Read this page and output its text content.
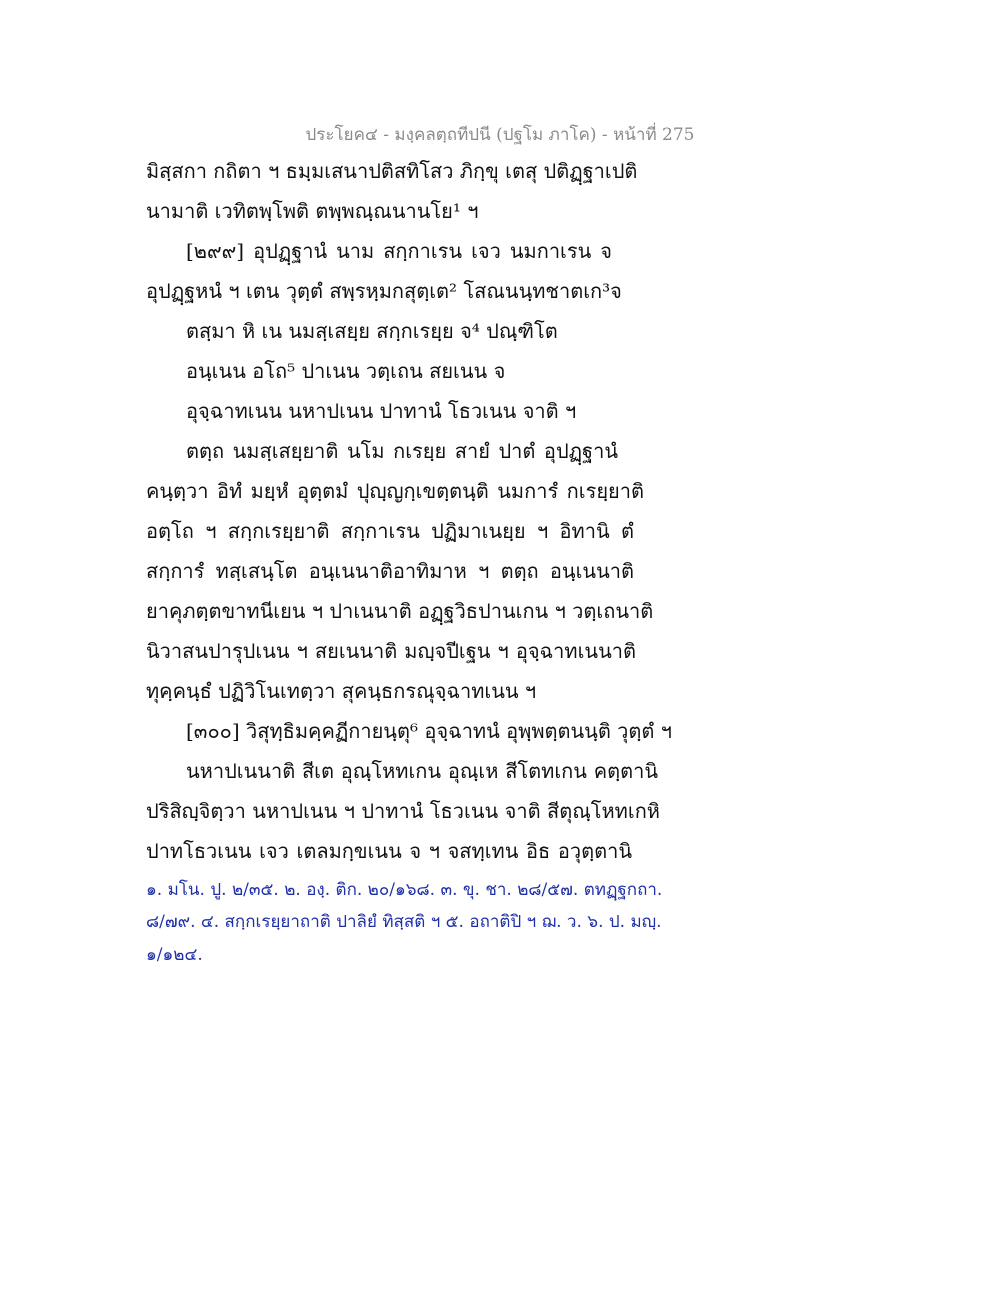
ประโยค๔ - มงฺคลตฺถทีปนี (ปฐโม ภาโค) - หน้าที่ 275
มิสฺสกา กถิตา ฯ ธมฺมเสนาปติสทิโสว ภิกฺขุ เตสุ ปติฏฺฐาเปติ
นามาติ เวทิตพฺโพติ ตพฺพณฺณนานโย¹ ฯ
[๒๙๙] อุปฏฺฐานํ นาม สกฺกาเรน เจว นมกาเรน จ
อุปฏฺฐหนํ ฯ เตน วุตฺตํ สพฺรหฺมกสุตฺเต² โสณนนฺทชาตเก³จ
ตสฺมา หิ เน นมสฺเสยฺย สกฺกเรยฺย จ⁴ ปณฺฑิโต
อนฺเนน อโถ⁵ ปาเนน วตฺเถน สยเนน จ
อุจฺฉาทเนน นหาปเนน ปาทานํ โธวเนน จาติ ฯ
ตตฺถ นมสฺเสยฺยาติ นโม กเรยฺย สายํ ปาตํ อุปฏฺฐานํ
คนฺตฺวา อิทํ มยฺหํ อุตฺตมํ ปุญฺญกฺเขตฺตนฺติ นมการํ กเรยฺยาติ
อตฺโถ ฯ สกฺกเรยฺยาติ สกฺกาเรน ปฏิมาเนยฺย ฯ อิทานิ ตํ
สกฺการํ ทสฺเสนฺโต อนฺเนนาติอาทิมาห ฯ ตตฺถ อนฺเนนาติ
ยาคุภตฺตขาทนีเยน ฯ ปาเนนาติ อฏฺฐวิธปานเกน ฯ วตฺเถนาติ
นิวาสนปารุปเนน ฯ สยเนนาติ มญฺจปีเฐน ฯ อุจฺฉาทเนนาติ
ทุคฺคนฺธํ ปฏิวิโนเทตฺวา สุคนฺธกรณุจฺฉาทเนน ฯ
[๓๐๐] วิสุทฺธิมคฺคฏีกายนฺตุ⁶ อุจฺฉาทนํ อุพฺพตฺตนนฺติ วุตฺตํ ฯ
นหาปเนนาติ สีเต อุณฺโหทเกน อุณฺเห สีโตทเกน คตฺตานิ
ปริสิญฺจิตฺวา นหาปเนน ฯ ปาทานํ โธวเนน จาติ สีตุณฺโหทเกหิ
ปาทโธวเนน เจว เตลมกฺขเนน จ ฯ จสทฺเทน อิธ อวุตฺตานิ
๑. มโน. ปู. ๒/๓๕. ๒. องฺ. ติก. ๒๐/๑๖๘. ๓. ขุ. ชา. ๒๘/๕๗. ตทฏฺฐกถา.
๘/๗๙. ๔. สกฺกเรยฺยาถาติ ปาลิยํ ทิสฺสติ ฯ ๕. อถาติปิ ฯ ฌ. ว. ๖. ป. มญฺ.
๑/๑๒๔.
